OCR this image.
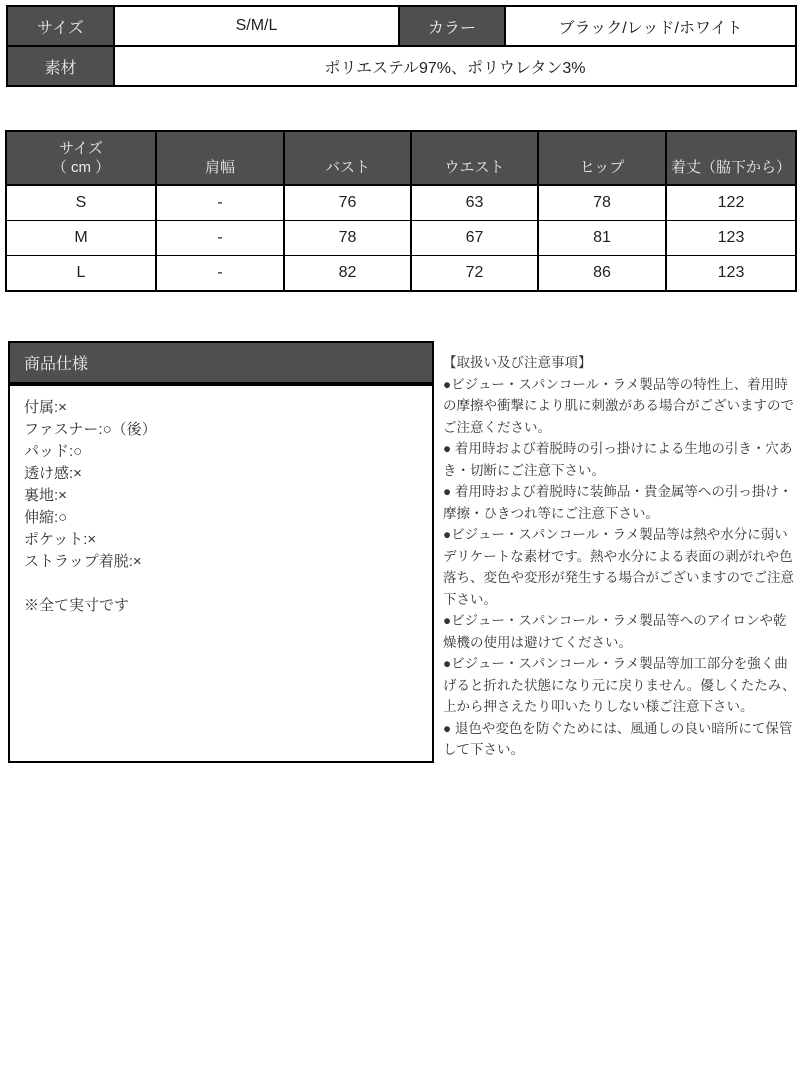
サイズ	S/M/L	カラー	ブラック/レッド/ホワイト
素材	ポリエステル97%、ポリウレタン3%		
サイズ
（ cm ）	肩幅	バスト	ウエスト	ヒップ	着丈（脇下から）
S	-	76	63	78	122
M	-	78	67	81	123
L	-	82	72	86	123
商品仕様
付属:×
ファスナー:○（後）
パッド:○
透け感:×
裏地:×
伸縮:○
ポケット:×
ストラップ着脱:×
※全て実寸です

【取扱い及び注意事項】

●ビジュー・スパンコール・ラメ製品等の特性上、着用時の摩擦や衝撃により肌に刺激がある場合がございますのでご注意ください。

● 着用時および着脱時の引っ掛けによる生地の引き・穴あき・切断にご注意下さい。

● 着用時および着脱時に装飾品・貴金属等への引っ掛け・摩擦・ひきつれ等にご注意下さい。

●ビジュー・スパンコール・ラメ製品等は熱や水分に弱いデリケートな素材です。熱や水分による表面の剥がれや色落ち、変色や変形が発生する場合がございますのでご注意下さい。

●ビジュー・スパンコール・ラメ製品等へのアイロンや乾燥機の使用は避けてください。

●ビジュー・スパンコール・ラメ製品等加工部分を強く曲げると折れた状態になり元に戻りません。優しくたたみ、上から押さえたり叩いたりしない様ご注意下さい。

● 退色や変色を防ぐためには、風通しの良い暗所にて保管して下さい。
